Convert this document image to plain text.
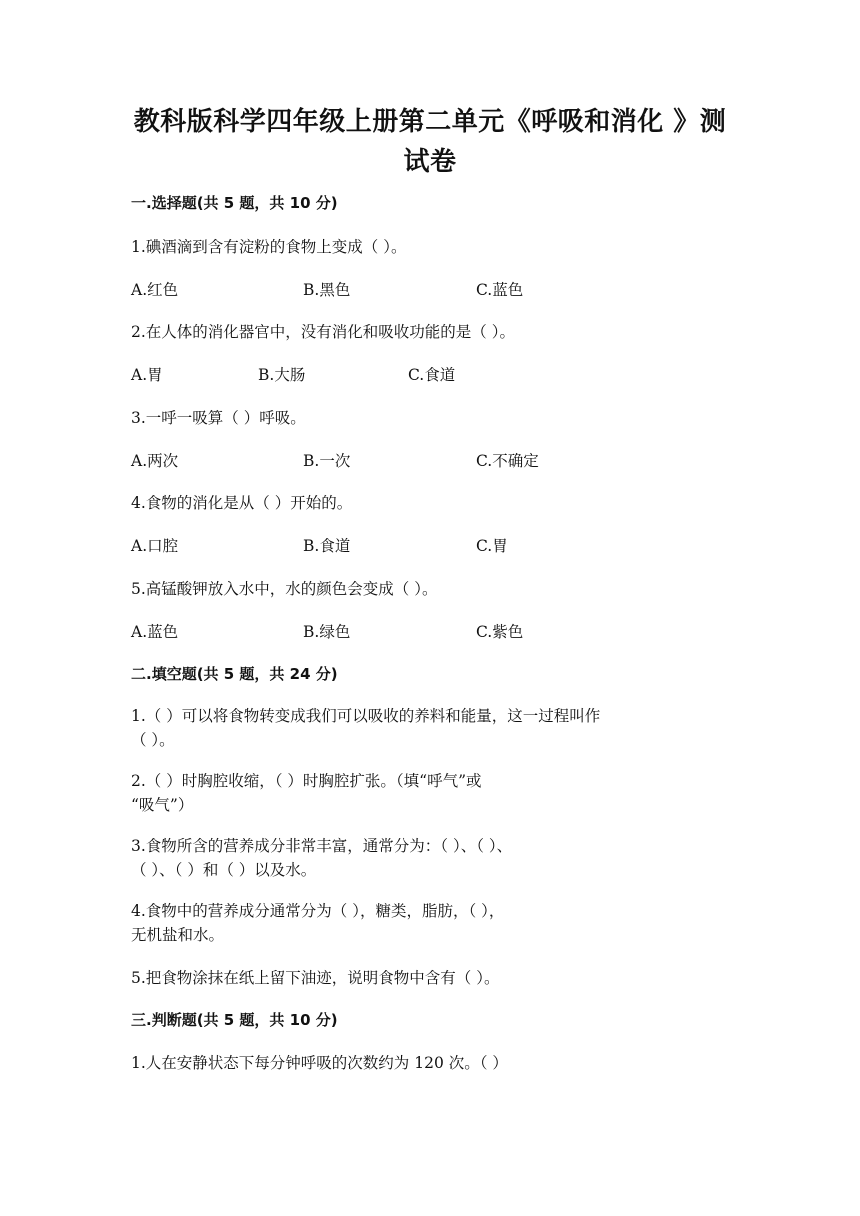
教科版科学四年级上册第二单元《呼吸和消化 》测
试卷
一.选择题(共 5 题，共 10 分)
1.碘酒滴到含有淀粉的食物上变成（ ）。
A.红色	B.黑色	C.蓝色
2.在人体的消化器官中，没有消化和吸收功能的是（ ）。
A.胃	B.大肠	C.食道
3.一呼一吸算（ ）呼吸。
A.两次	B.一次	C.不确定
4.食物的消化是从（ ）开始的。
A.口腔	B.食道	C.胃
5.高锰酸钾放入水中，水的颜色会变成（ ）。
A.蓝色	B.绿色	C.紫色
二.填空题(共 5 题，共 24 分)
1.（ ）可以将食物转变成我们可以吸收的养料和能量，这一过程叫作
（ ）。
2.（ ）时胸腔收缩，（ ）时胸腔扩张。（填“呼气”或
“吸气”）
3.食物所含的营养成分非常丰富，通常分为：（ ）、（ ）、
（ ）、（ ）和（ ）以及水。
4.食物中的营养成分通常分为（ ），糖类，脂肪，（ ），
无机盐和水。
5.把食物涂抹在纸上留下油迹，说明食物中含有（ ）。
三.判断题(共 5 题，共 10 分)
1.人在安静状态下每分钟呼吸的次数约为 120 次。（ ）
